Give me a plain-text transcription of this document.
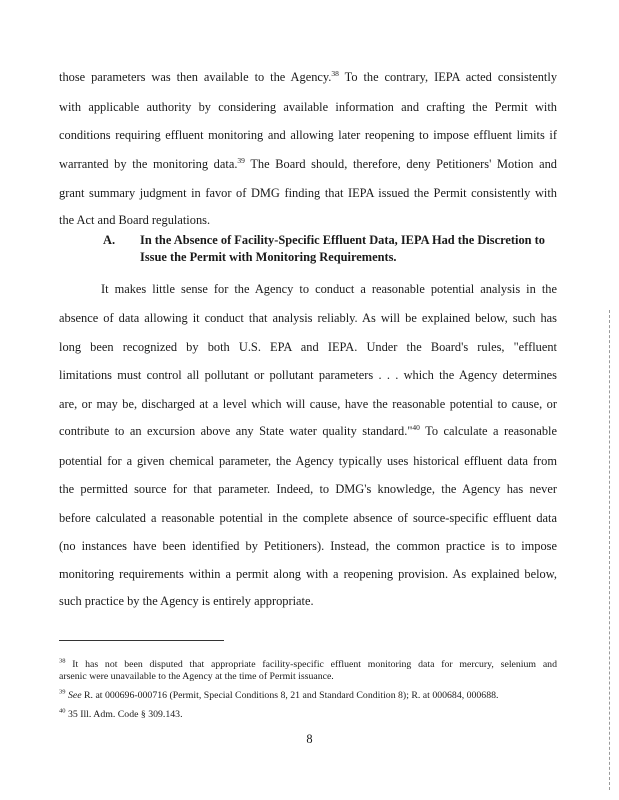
those parameters was then available to the Agency.$^{38}$ To the contrary, IEPA acted consistently
with applicable authority by considering available information and crafting the Permit with
conditions requiring effluent monitoring and allowing later reopening to impose effluent limits if
warranted by the monitoring data.$^{39}$ The Board should, therefore, deny Petitioners' Motion and
grant summary judgment in favor of DMG finding that IEPA issued the Permit consistently with
the Act and Board regulations.
A. In the Absence of Facility-Specific Effluent Data, IEPA Had the Discretion to
Issue the Permit with Monitoring Requirements.
It makes little sense for the Agency to conduct a reasonable potential analysis in the
absence of data allowing it conduct that analysis reliably. As will be explained below, such has
long been recognized by both U.S. EPA and IEPA. Under the Board's rules, "effluent
limitations must control all pollutant or pollutant parameters . . . which the Agency determines
are, or may be, discharged at a level which will cause, have the reasonable potential to cause, or
contribute to an excursion above any State water quality standard."$^{40}$ To calculate a reasonable
potential for a given chemical parameter, the Agency typically uses historical effluent data from
the permitted source for that parameter. Indeed, to DMG's knowledge, the Agency has never
before calculated a reasonable potential in the complete absence of source-specific effluent data
(no instances have been identified by Petitioners). Instead, the common practice is to impose
monitoring requirements within a permit along with a reopening provision. As explained below,
such practice by the Agency is entirely appropriate.
$^{38}$ It has not been disputed that appropriate facility-specific effluent monitoring data for mercury, selenium and
arsenic were unavailable to the Agency at the time of Permit issuance.
$^{39}$ See R. at 000696-000716 (Permit, Special Conditions 8, 21 and Standard Condition 8); R. at 000684, 000688.
$^{40}$ 35 Ill. Adm. Code § 309.143.
8
